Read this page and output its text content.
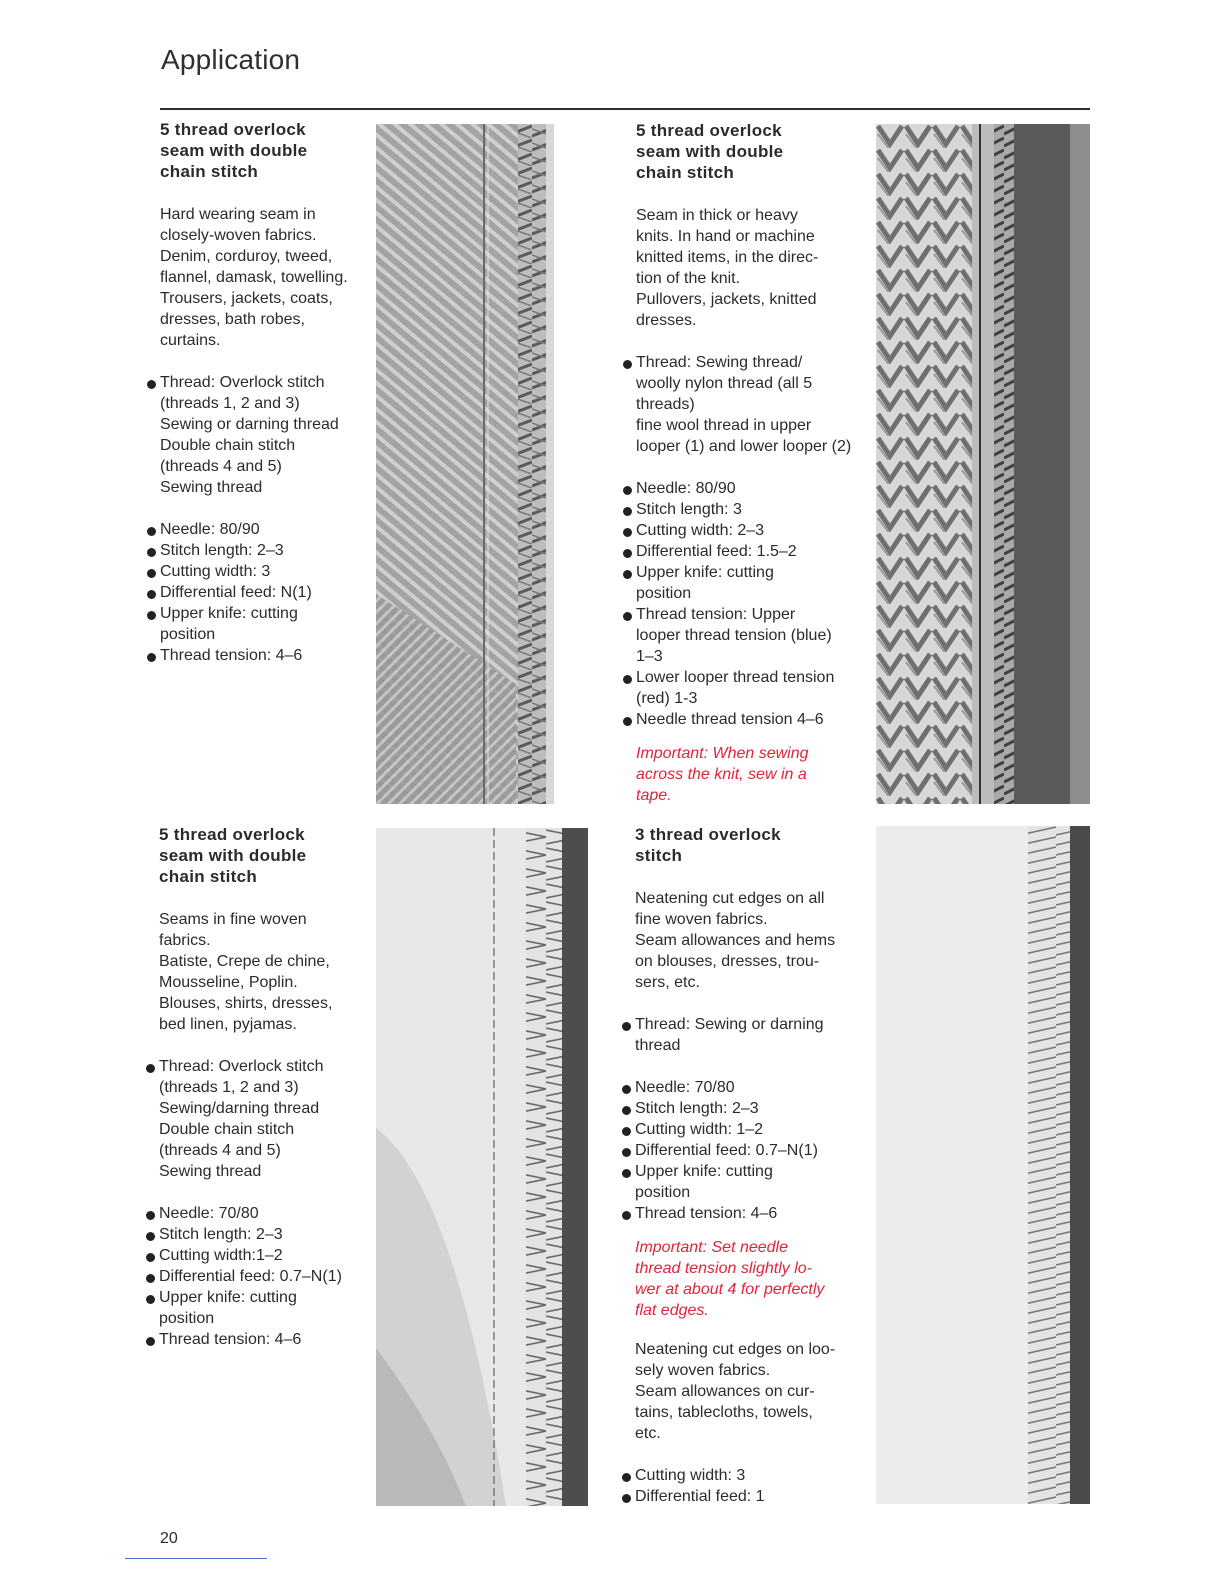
Application
5 thread overlock
seam with double
chain stitch
Hard wearing seam in
closely-woven fabrics.
Denim, corduroy, tweed,
flannel, damask, towelling.
Trousers, jackets, coats,
dresses, bath robes,
curtains.
Thread: Overlock stitch
(threads 1, 2 and 3)
Sewing or darning thread
Double chain stitch
(threads 4 and 5)
Sewing thread
Needle: 80/90
Stitch length: 2–3
Cutting width: 3
Differential feed: N(1)
Upper knife: cutting
position
Thread tension: 4–6
5 thread overlock
seam with double
chain stitch
Seam in thick or heavy
knits. In hand or machine
knitted items, in the direc-
tion of the knit.
Pullovers, jackets, knitted
dresses.
Thread: Sewing thread/
woolly nylon thread (all 5
threads)
fine wool thread in upper
looper (1) and lower looper (2)
Needle: 80/90
Stitch length: 3
Cutting width: 2–3
Differential feed: 1.5–2
Upper knife: cutting
position
Thread tension: Upper
looper thread tension (blue)
1–3
Lower looper thread tension
(red) 1-3
Needle thread tension 4–6
Important: When sewing
across the knit, sew in a
tape.
5 thread overlock
seam with double
chain stitch
Seams in fine woven
fabrics.
Batiste, Crepe de chine,
Mousseline, Poplin.
Blouses, shirts, dresses,
bed linen, pyjamas.
Thread: Overlock stitch
(threads 1, 2 and 3)
Sewing/darning thread
Double chain stitch
(threads 4 and 5)
Sewing thread
Needle: 70/80
Stitch length: 2–3
Cutting width:1–2
Differential feed: 0.7–N(1)
Upper knife: cutting
position
Thread tension: 4–6
3 thread overlock
stitch
Neatening cut edges on all
fine woven fabrics.
Seam allowances and hems
on blouses, dresses, trou-
sers, etc.
Thread: Sewing or darning
thread
Needle: 70/80
Stitch length: 2–3
Cutting width: 1–2
Differential feed: 0.7–N(1)
Upper knife: cutting
position
Thread tension: 4–6
Important: Set needle
thread tension slightly lo-
wer at about 4 for perfectly
flat edges.
Neatening cut edges on loo-
sely woven fabrics.
Seam allowances on cur-
tains, tablecloths, towels,
etc.
Cutting width: 3
Differential feed: 1
20
